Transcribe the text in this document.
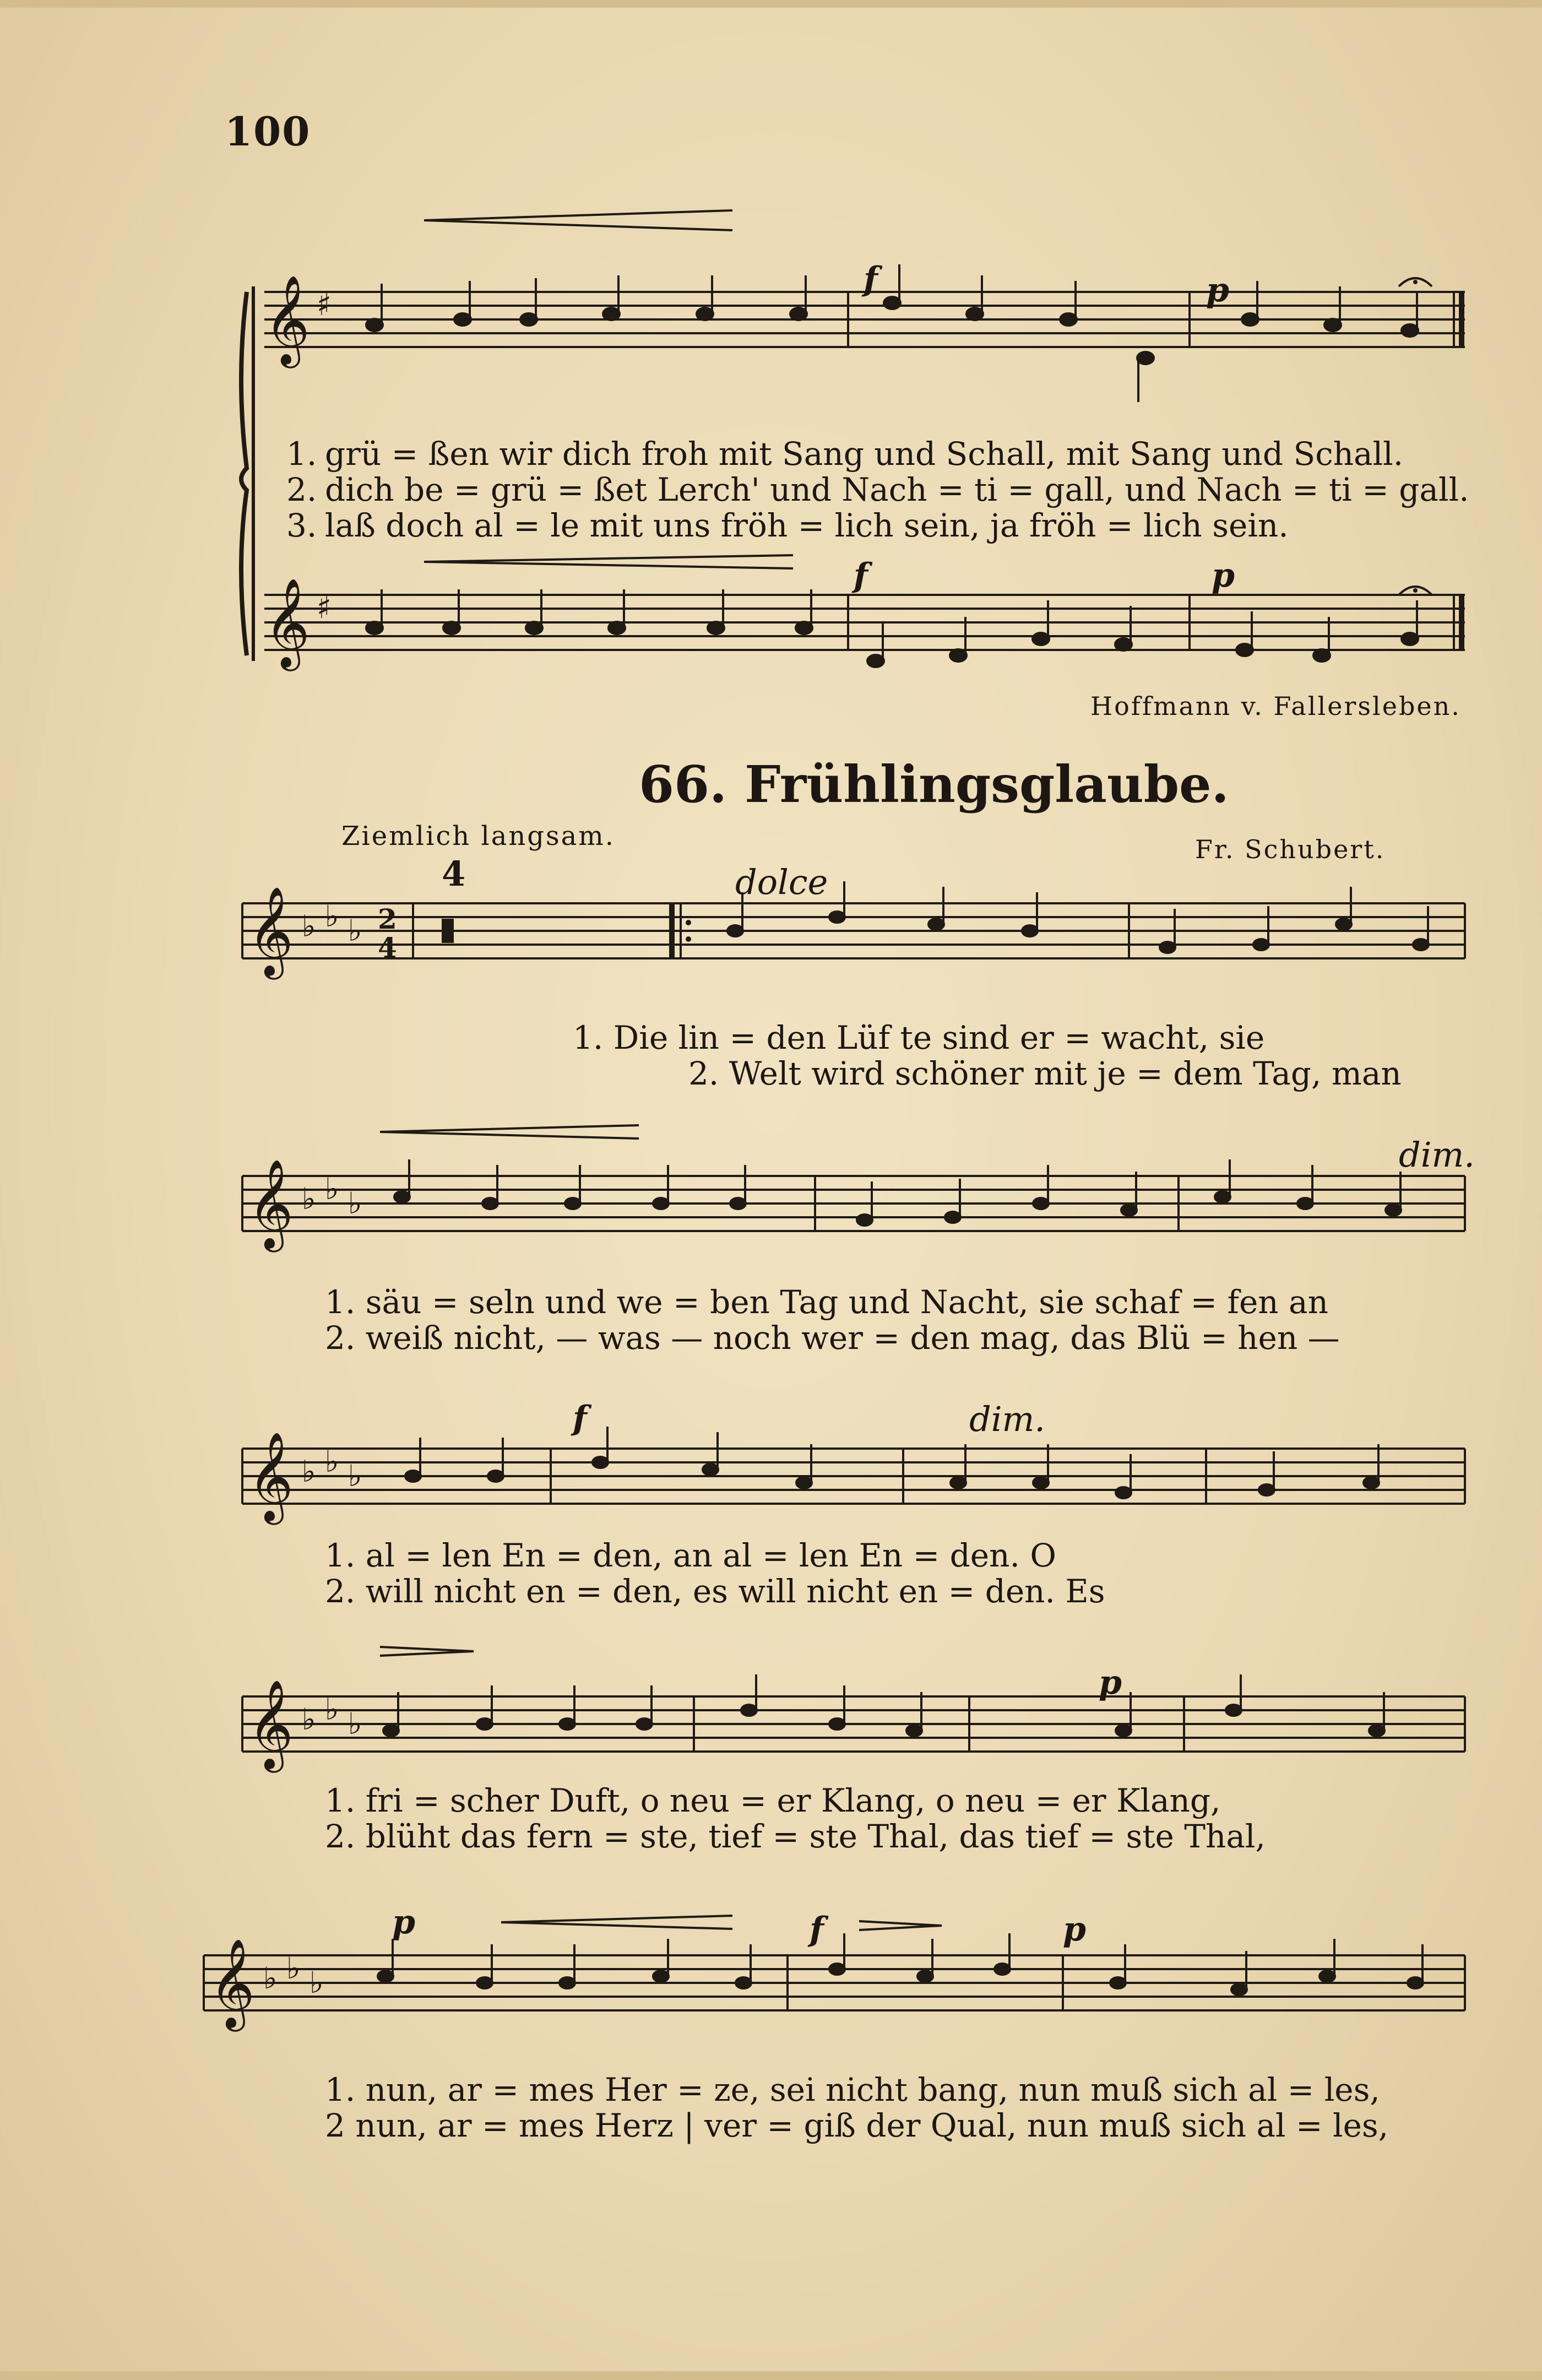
100
𝄞 ♯
f	p
grü = ßen wir dich froh mit Sang und Schall, mit Sang und Schall.
dich be = grü = ßet Lerch' und Nach = ti = gall, und Nach = ti = gall.
laß doch al = le mit uns fröh = lich sein, ja fröh = lich sein.
1.
2.
3.
𝄞 ♯
f	p
Hoffmann v. Fallersleben.
66. Frühlingsglaube.
Ziemlich langsam.	Fr. Schubert.
4	dolce
𝄞 ♭ ♭ ♭ 2
4
1. Die lin = den Lüf te sind er = wacht, sie
2. Welt wird schöner mit je = dem Tag, man
𝄞 ♭ ♭ ♭
dim.
1. säu = seln und we = ben Tag und Nacht, sie schaf = fen an
2. weiß nicht, — was — noch wer = den mag, das Blü = hen —
𝄞 ♭ ♭ ♭
f	dim.
1. al = len En = den, an al = len En = den. O
2. will nicht en = den, es will nicht en = den. Es
𝄞 ♭ ♭ ♭
p
1. fri = scher Duft, o neu = er Klang, o neu = er Klang,
2. blüht das fern = ste, tief = ste Thal, das tief = ste Thal,
𝄞 ♭ ♭ ♭
p	f	p
1. nun, ar = mes Her = ze, sei nicht bang, nun muß sich al = les,
2 nun, ar = mes Herz | ver = giß der Qual, nun muß sich al = les,
